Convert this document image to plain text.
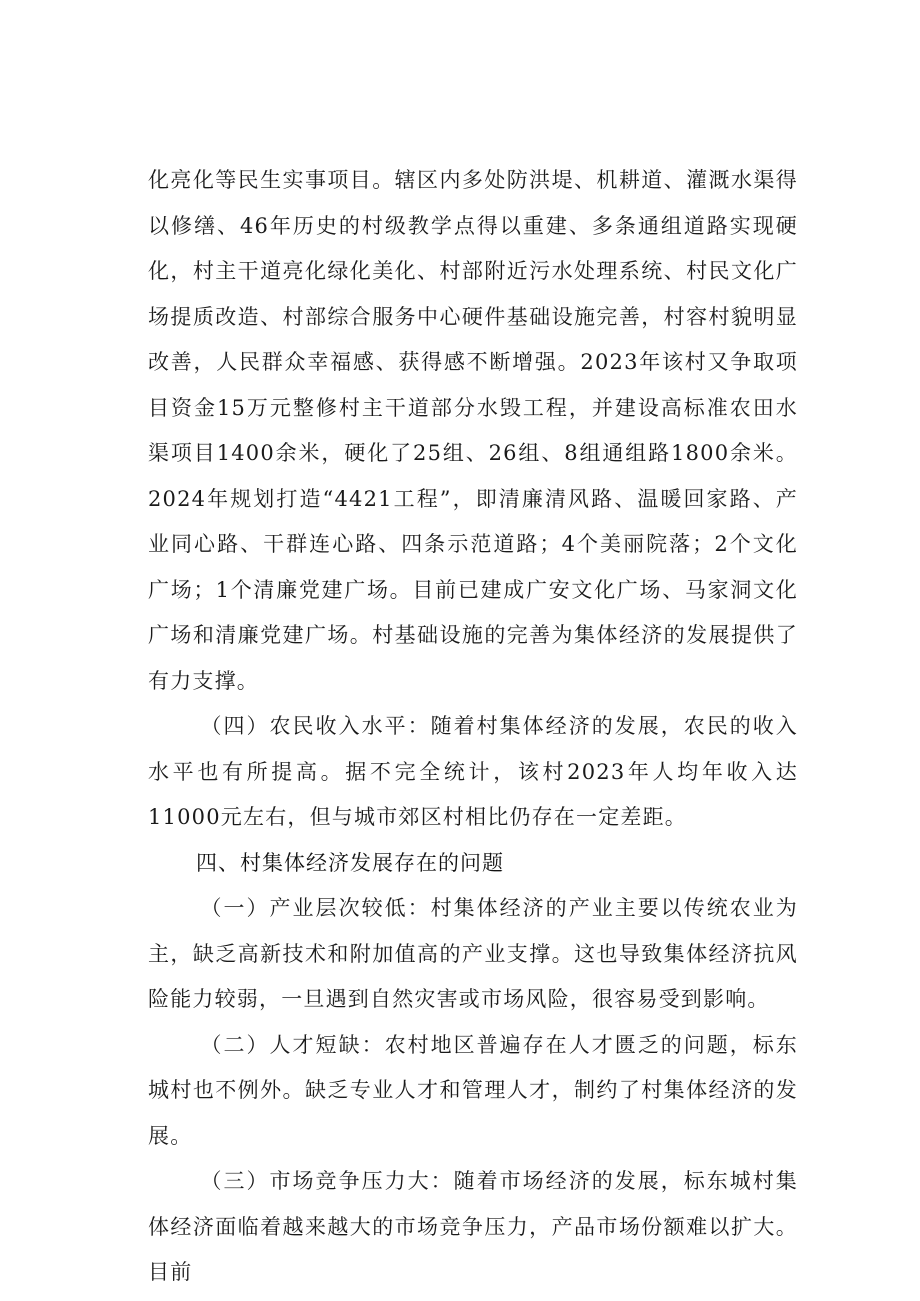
化亮化等民生实事项目。辖区内多处防洪堤、机耕道、灌溉水渠得以修缮、46年历史的村级教学点得以重建、多条通组道路实现硬化，村主干道亮化绿化美化、村部附近污水处理系统、村民文化广场提质改造、村部综合服务中心硬件基础设施完善，村容村貌明显改善，人民群众幸福感、获得感不断增强。2023年该村又争取项目资金15万元整修村主干道部分水毁工程，并建设高标准农田水渠项目1400余米，硬化了25组、26组、8组通组路1800余米。2024年规划打造“4421工程”，即清廉清风路、温暖回家路、产业同心路、干群连心路、四条示范道路；4个美丽院落；2个文化广场；1个清廉党建广场。目前已建成广安文化广场、马家洞文化广场和清廉党建广场。村基础设施的完善为集体经济的发展提供了有力支撑。

（四）农民收入水平：随着村集体经济的发展，农民的收入水平也有所提高。据不完全统计，该村2023年人均年收入达11000元左右，但与城市郊区村相比仍存在一定差距。

四、村集体经济发展存在的问题

（一）产业层次较低：村集体经济的产业主要以传统农业为主，缺乏高新技术和附加值高的产业支撑。这也导致集体经济抗风险能力较弱，一旦遇到自然灾害或市场风险，很容易受到影响。

（二）人才短缺：农村地区普遍存在人才匮乏的问题，标东城村也不例外。缺乏专业人才和管理人才，制约了村集体经济的发展。

（三）市场竞争压力大：随着市场经济的发展，标东城村集体经济面临着越来越大的市场竞争压力，产品市场份额难以扩大。目前
